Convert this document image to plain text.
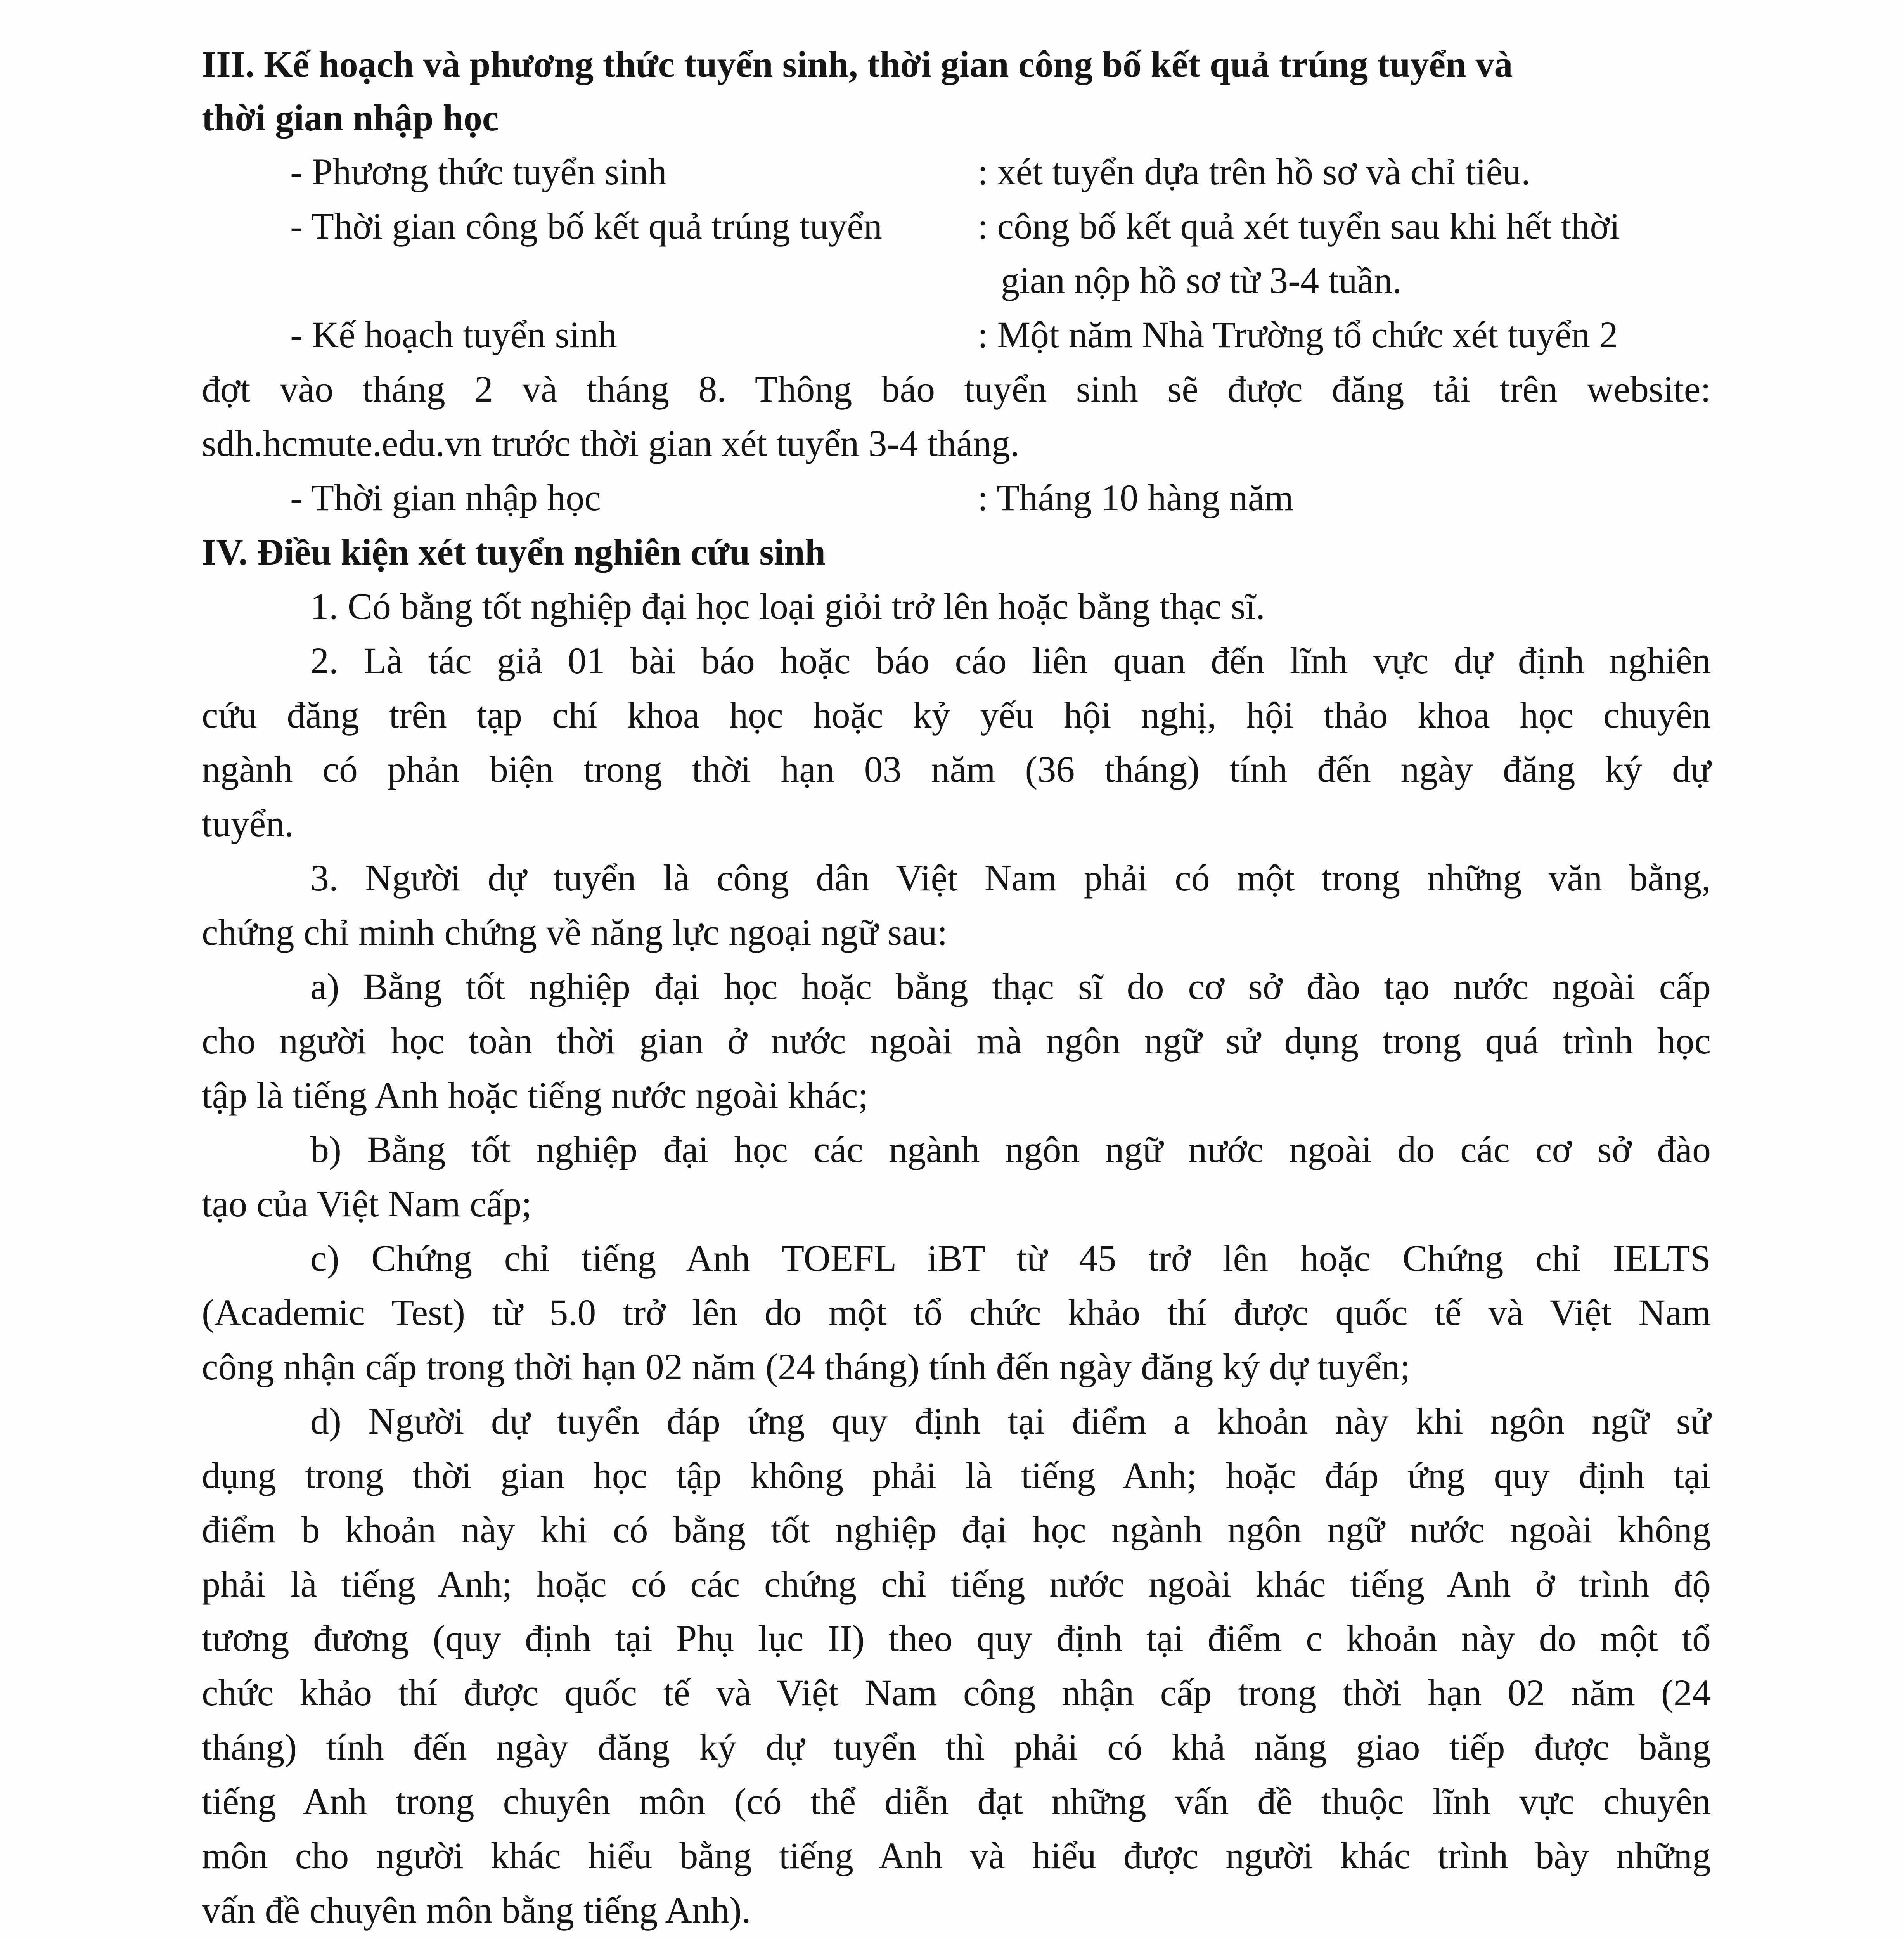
III. Kế hoạch và phương thức tuyển sinh, thời gian công bố kết quả trúng tuyển và
thời gian nhập học
- Phương thức tuyển sinh	: xét tuyển dựa trên hồ sơ và chỉ tiêu.
- Thời gian công bố kết quả trúng tuyển	: công bố kết quả xét tuyển sau khi hết thời
gian nộp hồ sơ từ 3-4 tuần.
- Kế hoạch tuyển sinh	: Một năm Nhà Trường tổ chức xét tuyển 2
đợt vào tháng 2 và tháng 8. Thông báo tuyển sinh sẽ được đăng tải trên website:
sdh.hcmute.edu.vn trước thời gian xét tuyển 3-4 tháng.
- Thời gian nhập học	: Tháng 10 hàng năm
IV. Điều kiện xét tuyển nghiên cứu sinh
1. Có bằng tốt nghiệp đại học loại giỏi trở lên hoặc bằng thạc sĩ.
2. Là tác giả 01 bài báo hoặc báo cáo liên quan đến lĩnh vực dự định nghiên
cứu đăng trên tạp chí khoa học hoặc kỷ yếu hội nghị, hội thảo khoa học chuyên
ngành có phản biện trong thời hạn 03 năm (36 tháng) tính đến ngày đăng ký dự
tuyển.
3. Người dự tuyển là công dân Việt Nam phải có một trong những văn bằng,
chứng chỉ minh chứng về năng lực ngoại ngữ sau:
a) Bằng tốt nghiệp đại học hoặc bằng thạc sĩ do cơ sở đào tạo nước ngoài cấp
cho người học toàn thời gian ở nước ngoài mà ngôn ngữ sử dụng trong quá trình học
tập là tiếng Anh hoặc tiếng nước ngoài khác;
b) Bằng tốt nghiệp đại học các ngành ngôn ngữ nước ngoài do các cơ sở đào
tạo của Việt Nam cấp;
c) Chứng chỉ tiếng Anh TOEFL iBT từ 45 trở lên hoặc Chứng chỉ IELTS
(Academic Test) từ 5.0 trở lên do một tổ chức khảo thí được quốc tế và Việt Nam
công nhận cấp trong thời hạn 02 năm (24 tháng) tính đến ngày đăng ký dự tuyển;
d) Người dự tuyển đáp ứng quy định tại điểm a khoản này khi ngôn ngữ sử
dụng trong thời gian học tập không phải là tiếng Anh; hoặc đáp ứng quy định tại
điểm b khoản này khi có bằng tốt nghiệp đại học ngành ngôn ngữ nước ngoài không
phải là tiếng Anh; hoặc có các chứng chỉ tiếng nước ngoài khác tiếng Anh ở trình độ
tương đương (quy định tại Phụ lục II) theo quy định tại điểm c khoản này do một tổ
chức khảo thí được quốc tế và Việt Nam công nhận cấp trong thời hạn 02 năm (24
tháng) tính đến ngày đăng ký dự tuyển thì phải có khả năng giao tiếp được bằng
tiếng Anh trong chuyên môn (có thể diễn đạt những vấn đề thuộc lĩnh vực chuyên
môn cho người khác hiểu bằng tiếng Anh và hiểu được người khác trình bày những
vấn đề chuyên môn bằng tiếng Anh).
